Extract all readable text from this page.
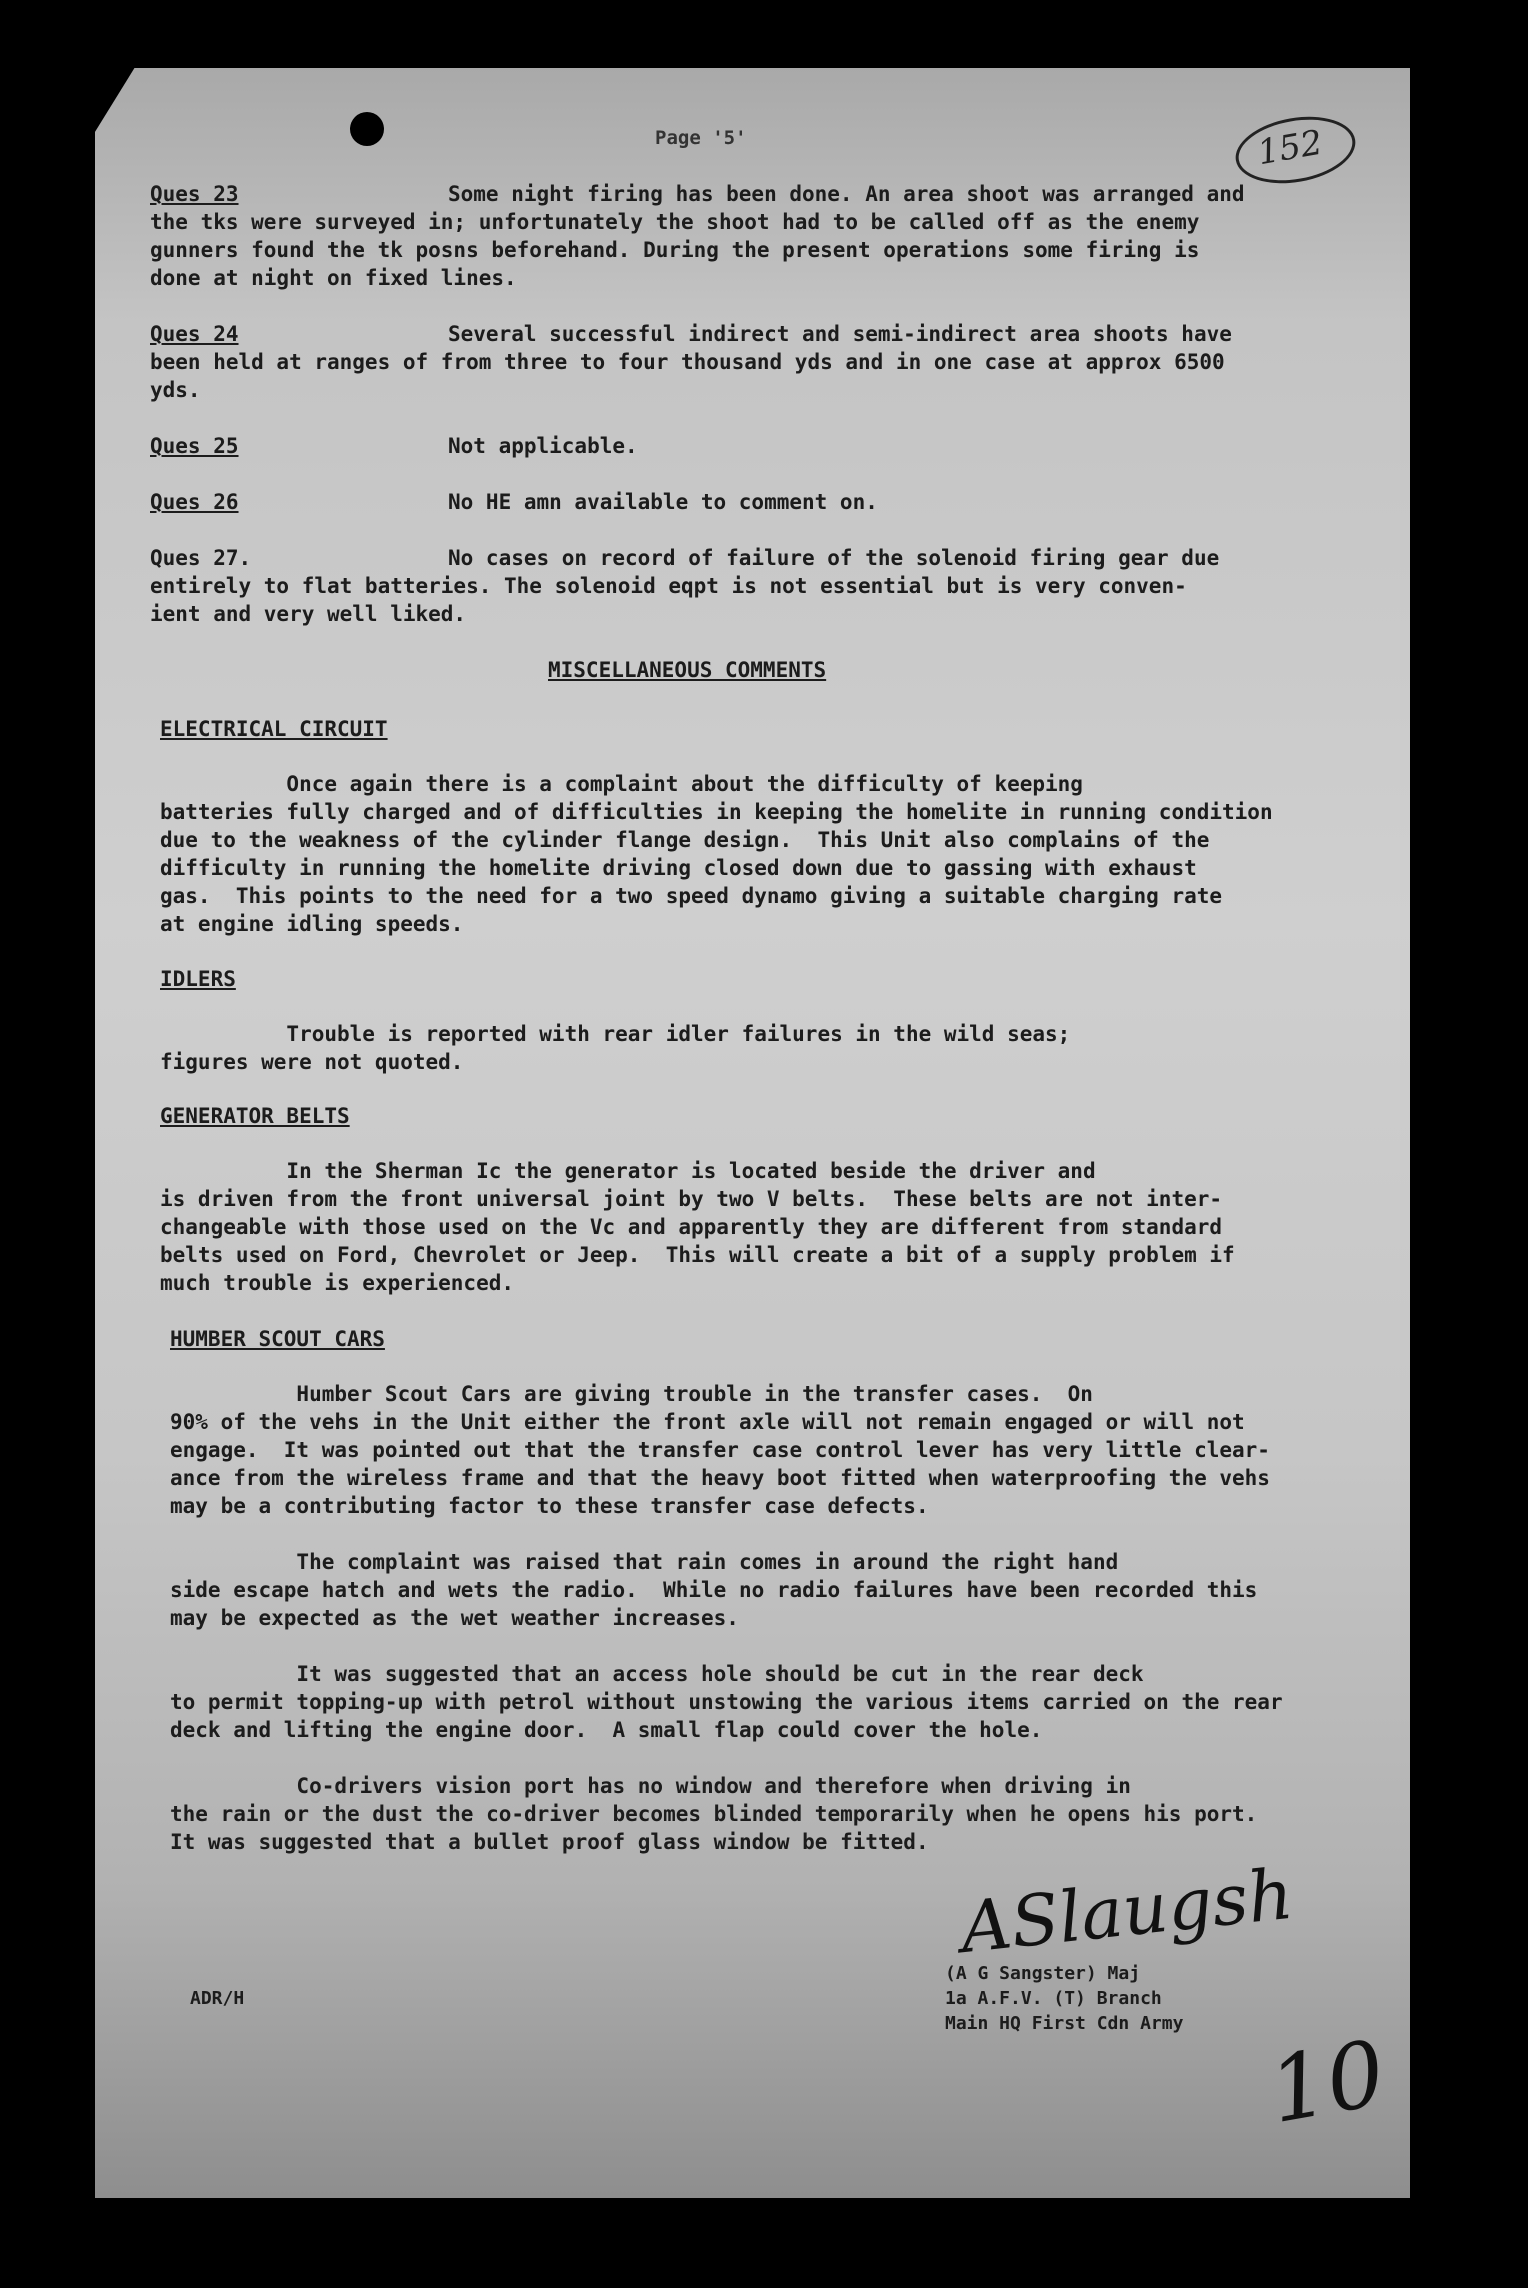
Page '5'	152
Ques 23	Some night firing has been done. An area shoot was arranged and
the tks were surveyed in; unfortunately the shoot had to be called off as the enemy
gunners found the tk posns beforehand. During the present operations some firing is
done at night on fixed lines.
Ques 24	Several successful indirect and semi-indirect area shoots have
been held at ranges of from three to four thousand yds and in one case at approx 6500
yds.
Ques 25	Not applicable.
Ques 26	No HE amn available to comment on.
Ques 27.	No cases on record of failure of the solenoid firing gear due
entirely to flat batteries. The solenoid eqpt is not essential but is very conven-
ient and very well liked.
MISCELLANEOUS COMMENTS
ELECTRICAL CIRCUIT
Once again there is a complaint about the difficulty of keeping
batteries fully charged and of difficulties in keeping the homelite in running condition
due to the weakness of the cylinder flange design.  This Unit also complains of the
difficulty in running the homelite driving closed down due to gassing with exhaust
gas.  This points to the need for a two speed dynamo giving a suitable charging rate
at engine idling speeds.
IDLERS
Trouble is reported with rear idler failures in the wild seas;
figures were not quoted.
GENERATOR BELTS
In the Sherman Ic the generator is located beside the driver and
is driven from the front universal joint by two V belts.  These belts are not inter-
changeable with those used on the Vc and apparently they are different from standard
belts used on Ford, Chevrolet or Jeep.  This will create a bit of a supply problem if
much trouble is experienced.
HUMBER SCOUT CARS
Humber Scout Cars are giving trouble in the transfer cases.  On
90% of the vehs in the Unit either the front axle will not remain engaged or will not
engage.  It was pointed out that the transfer case control lever has very little clear-
ance from the wireless frame and that the heavy boot fitted when waterproofing the vehs
may be a contributing factor to these transfer case defects.
The complaint was raised that rain comes in around the right hand
side escape hatch and wets the radio.  While no radio failures have been recorded this
may be expected as the wet weather increases.
It was suggested that an access hole should be cut in the rear deck
to permit topping-up with petrol without unstowing the various items carried on the rear
deck and lifting the engine door.  A small flap could cover the hole.
Co-drivers vision port has no window and therefore when driving in
the rain or the dust the co-driver becomes blinded temporarily when he opens his port.
It was suggested that a bullet proof glass window be fitted.
ASlaugsh
ADR/H
(A G Sangster) Maj
1a A.F.V. (T) Branch
Main HQ First Cdn Army 10
